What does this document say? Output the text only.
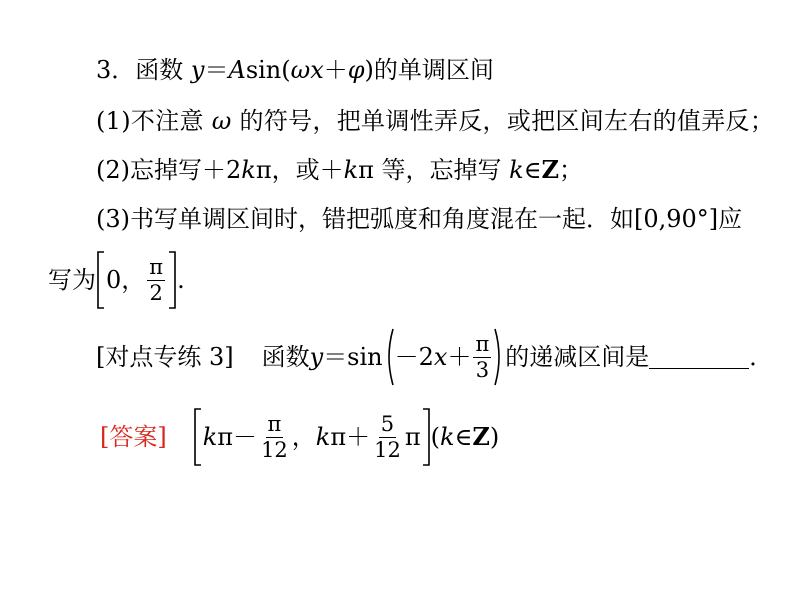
3．函数 y＝Asin(ωx＋φ)的单调区间
(1)不注意 ω 的符号，把单调性弄反，或把区间左右的值弄反；
(2)忘掉写＋2kπ，或＋kπ 等，忘掉写 k∈Z；
(3)书写单调区间时，错把弧度和角度混在一起．如[0,90°]应
写为 0， $\frac{\pi}{2}$ .
[对点专练 3] 函数 y ＝sin －2 $x + \frac{\pi}{3}$ 的递减区间是	．
[答案] k $\pi- \frac{\pi}{12}$ ， k $\pi+ \frac{5}{12}$ π ( k ∈ Z )
